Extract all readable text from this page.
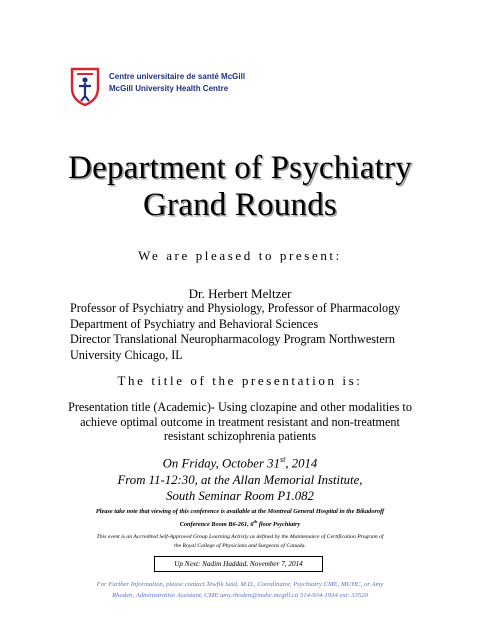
Centre universitaire de santé McGill
McGill University Health Centre
Department of Psychiatry
Grand Rounds
We are pleased to present:
Dr. Herbert Meltzer
Professor of Psychiatry and Physiology, Professor of Pharmacology
Department of Psychiatry and Behavioral Sciences
Director Translational Neuropharmacology Program Northwestern
University Chicago, IL
The title of the presentation is:
Presentation title (Academic)- Using clozapine and other modalities to
achieve optimal outcome in treatment resistant and non-treatment
resistant schizophrenia patients
On Friday, October 31st, 2014
From 11-12:30, at the Allan Memorial Institute,
South Seminar Room P1.082
Please take note that viewing of this conference is available at the Montreal General Hospital in the Bikadoroff
Conference Room B6-261, 6th floor Psychiatry
This event is an Accredited Self-Approved Group Learning Activity as defined by the Maintenance of Certification Program of
the Royal College of Physicians and Surgeons of Canada.
Up Next: Nadim Haddad, November 7, 2014
For Further Information, please contact Tewfik Said, M.D., Coordinator, Psychiatry CME, MUHC, or Amy
Rhoden, Administrative Assistant, CME amy.rhoden@muhc.mcgill.ca 514-934-1934 ext: 33520
